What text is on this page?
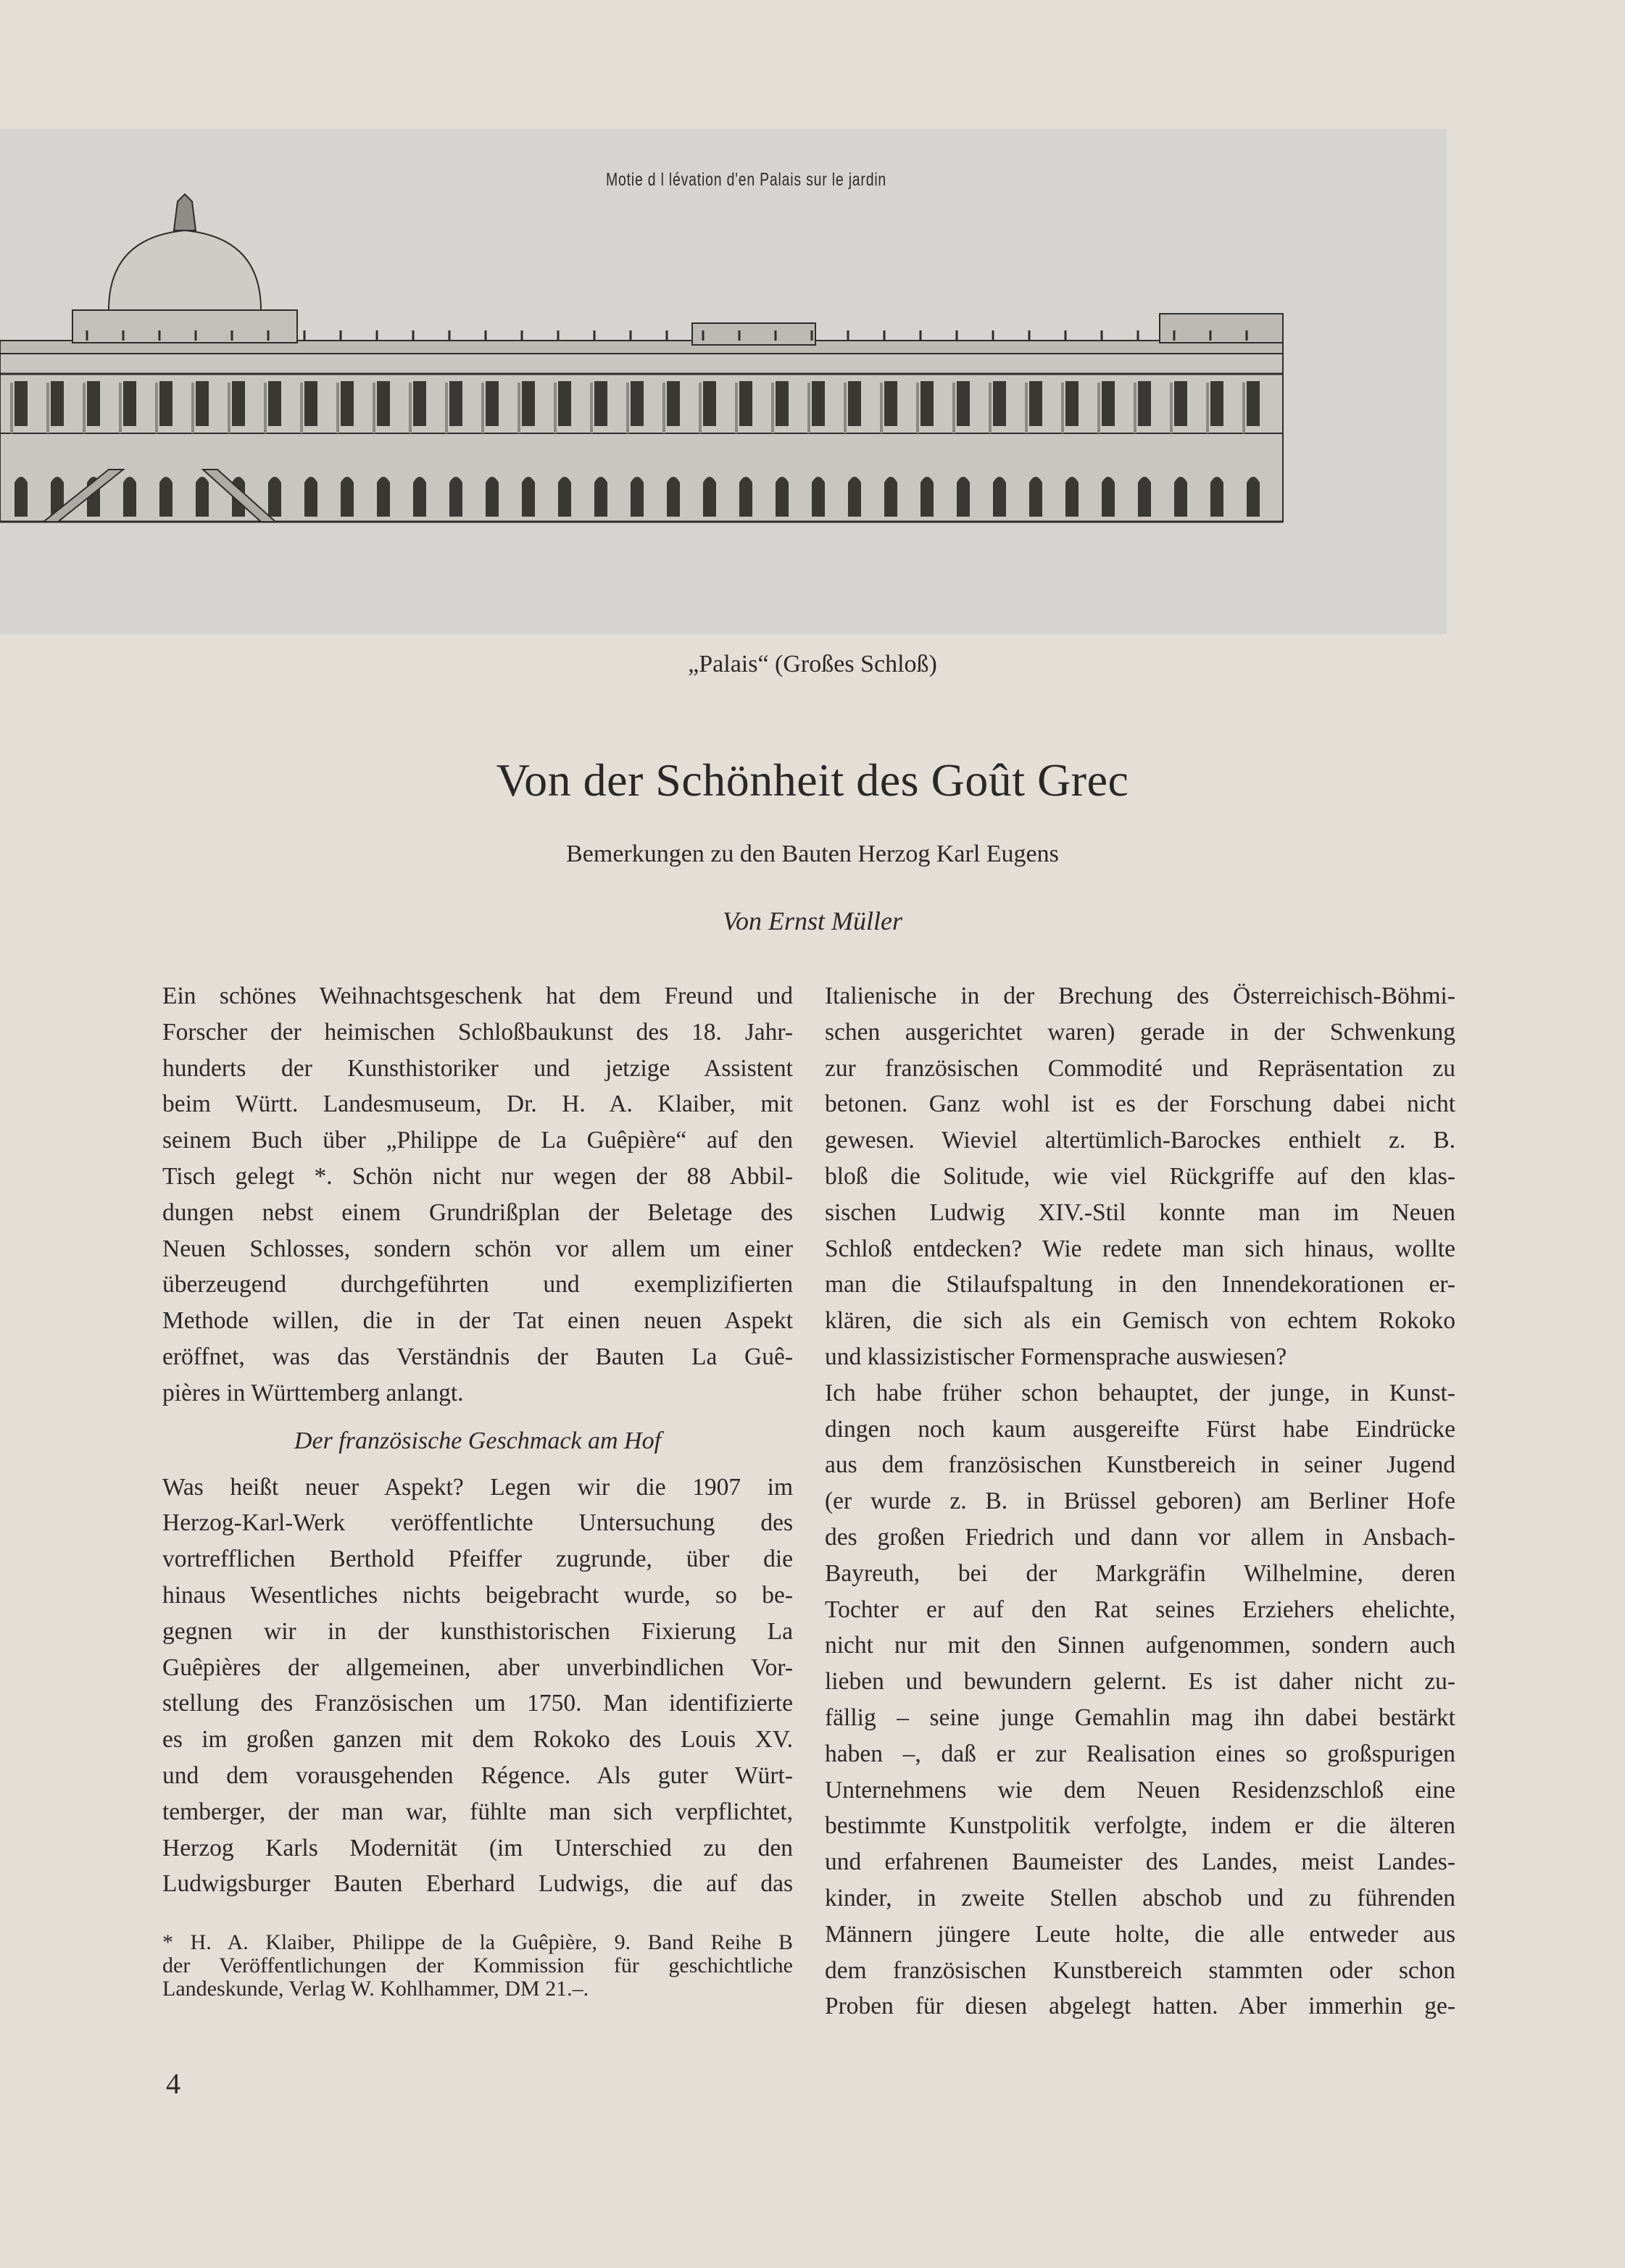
Motie d l lévation d'en Palais sur le jardin
„Palais“ (Großes Schloß)
Von der Schönheit des Goût Grec
Bemerkungen zu den Bauten Herzog Karl Eugens
Von Ernst Müller
Ein schönes Weihnachtsgeschenk hat dem Freund und
Forscher der heimischen Schloßbaukunst des 18. Jahr-
hunderts der Kunsthistoriker und jetzige Assistent
beim Württ. Landesmuseum, Dr. H. A. Klaiber, mit
seinem Buch über „Philippe de La Guêpière“ auf den
Tisch gelegt *. Schön nicht nur wegen der 88 Abbil-
dungen nebst einem Grundrißplan der Beletage des
Neuen Schlosses, sondern schön vor allem um einer
überzeugend durchgeführten und exemplizifierten
Methode willen, die in der Tat einen neuen Aspekt
eröffnet, was das Verständnis der Bauten La Guê-
pières in Württemberg anlangt.
Der französische Geschmack am Hof
Was heißt neuer Aspekt? Legen wir die 1907 im
Herzog-Karl-Werk veröffentlichte Untersuchung des
vortrefflichen Berthold Pfeiffer zugrunde, über die
hinaus Wesentliches nichts beigebracht wurde, so be-
gegnen wir in der kunsthistorischen Fixierung La
Guêpières der allgemeinen, aber unverbindlichen Vor-
stellung des Französischen um 1750. Man identifizierte
es im großen ganzen mit dem Rokoko des Louis XV.
und dem vorausgehenden Régence. Als guter Würt-
temberger, der man war, fühlte man sich verpflichtet,
Herzog Karls Modernität (im Unterschied zu den
Ludwigsburger Bauten Eberhard Ludwigs, die auf das
* H. A. Klaiber, Philippe de la Guêpière, 9. Band Reihe B
der Veröffentlichungen der Kommission für geschichtliche
Landeskunde, Verlag W. Kohlhammer, DM 21.–.
Italienische in der Brechung des Österreichisch-Böhmi-
schen ausgerichtet waren) gerade in der Schwenkung
zur französischen Commodité und Repräsentation zu
betonen. Ganz wohl ist es der Forschung dabei nicht
gewesen. Wieviel altertümlich-Barockes enthielt z. B.
bloß die Solitude, wie viel Rückgriffe auf den klas-
sischen Ludwig XIV.-Stil konnte man im Neuen
Schloß entdecken? Wie redete man sich hinaus, wollte
man die Stilaufspaltung in den Innendekorationen er-
klären, die sich als ein Gemisch von echtem Rokoko
und klassizistischer Formensprache auswiesen?
Ich habe früher schon behauptet, der junge, in Kunst-
dingen noch kaum ausgereifte Fürst habe Eindrücke
aus dem französischen Kunstbereich in seiner Jugend
(er wurde z. B. in Brüssel geboren) am Berliner Hofe
des großen Friedrich und dann vor allem in Ansbach-
Bayreuth, bei der Markgräfin Wilhelmine, deren
Tochter er auf den Rat seines Erziehers ehelichte,
nicht nur mit den Sinnen aufgenommen, sondern auch
lieben und bewundern gelernt. Es ist daher nicht zu-
fällig – seine junge Gemahlin mag ihn dabei bestärkt
haben –, daß er zur Realisation eines so großspurigen
Unternehmens wie dem Neuen Residenzschloß eine
bestimmte Kunstpolitik verfolgte, indem er die älteren
und erfahrenen Baumeister des Landes, meist Landes-
kinder, in zweite Stellen abschob und zu führenden
Männern jüngere Leute holte, die alle entweder aus
dem französischen Kunstbereich stammten oder schon
Proben für diesen abgelegt hatten. Aber immerhin ge-
4
